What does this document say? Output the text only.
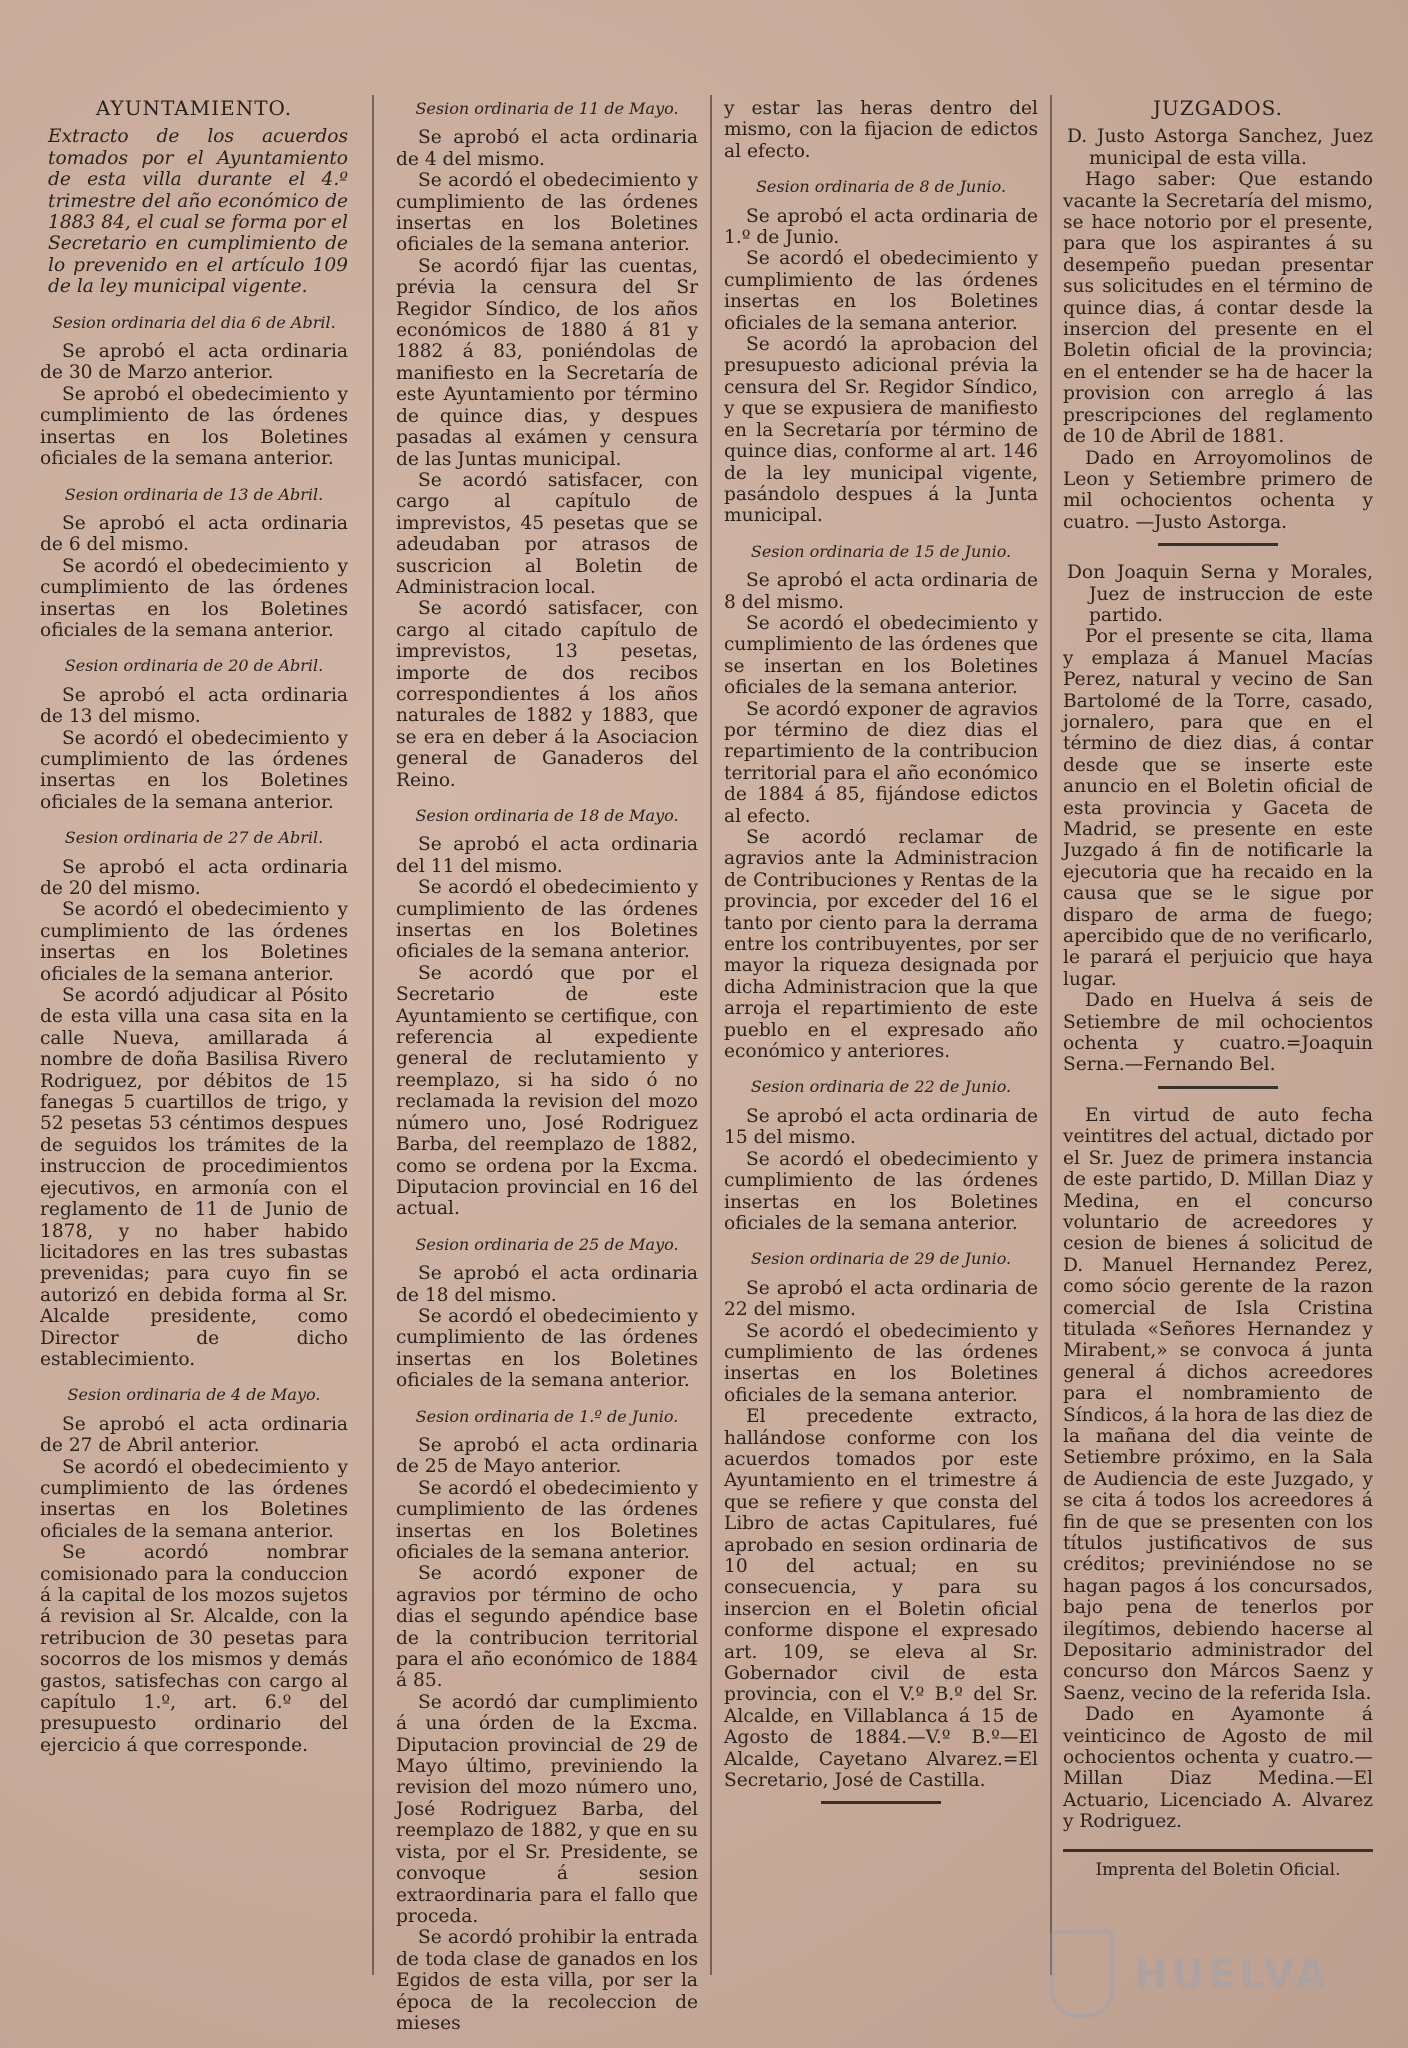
AYUNTAMIENTO.
Extracto de los acuerdos tomados por el Ayuntamiento de esta villa durante el 4.º trimestre del año económico de 1883 84, el cual se forma por el Secretario en cumplimiento de lo prevenido en el artículo 109 de la ley municipal vigente.
Sesion ordinaria del dia 6 de Abril.

Se aprobó el acta ordinaria de 30 de Marzo anterior.

Se aprobó el obedecimiento y cumplimiento de las órdenes insertas en los Boletines oficiales de la semana anterior.

Sesion ordinaria de 13 de Abril.

Se aprobó el acta ordinaria de 6 del mismo.

Se acordó el obedecimiento y cumplimiento de las órdenes insertas en los Boletines oficiales de la semana anterior.

Sesion ordinaria de 20 de Abril.

Se aprobó el acta ordinaria de 13 del mismo.

Se acordó el obedecimiento y cumplimiento de las órdenes insertas en los Boletines oficiales de la semana anterior.

Sesion ordinaria de 27 de Abril.

Se aprobó el acta ordinaria de 20 del mismo.

Se acordó el obedecimiento y cumplimiento de las órdenes insertas en los Boletines oficiales de la semana anterior.

Se acordó adjudicar al Pósito de esta villa una casa sita en la calle Nueva, amillarada á nombre de doña Basilisa Rivero Rodriguez, por débitos de 15 fanegas 5 cuartillos de trigo, y 52 pesetas 53 céntimos despues de seguidos los trámites de la instruccion de procedimientos ejecutivos, en armonía con el reglamento de 11 de Junio de 1878, y no haber habido licitadores en las tres subastas prevenidas; para cuyo fin se autorizó en debida forma al Sr. Alcalde presidente, como Director de dicho establecimiento.

Sesion ordinaria de 4 de Mayo.

Se aprobó el acta ordinaria de 27 de Abril anterior.

Se acordó el obedecimiento y cumplimiento de las órdenes insertas en los Boletines oficiales de la semana anterior.

Se acordó nombrar comisionado para la conduccion á la capital de los mozos sujetos á revision al Sr. Alcalde, con la retribucion de 30 pesetas para socorros de los mismos y demás gastos, satisfechas con cargo al capítulo 1.º, art. 6.º del presupuesto ordinario del ejercicio á que corresponde.

Sesion ordinaria de 11 de Mayo.

Se aprobó el acta ordinaria de 4 del mismo.

Se acordó el obedecimiento y cumplimiento de las órdenes insertas en los Boletines oficiales de la semana anterior.

Se acordó fijar las cuentas, prévia la censura del Sr Regidor Síndico, de los años económicos de 1880 á 81 y 1882 á 83, poniéndolas de manifiesto en la Secretaría de este Ayuntamiento por término de quince dias, y despues pasadas al exámen y censura de las Juntas municipal.

Se acordó satisfacer, con cargo al capítulo de imprevistos, 45 pesetas que se adeudaban por atrasos de suscricion al Boletin de Administracion local.

Se acordó satisfacer, con cargo al citado capítulo de imprevistos, 13 pesetas, importe de dos recibos correspondientes á los años naturales de 1882 y 1883, que se era en deber á la Asociacion general de Ganaderos del Reino.

Sesion ordinaria de 18 de Mayo.

Se aprobó el acta ordinaria del 11 del mismo.

Se acordó el obedecimiento y cumplimiento de las órdenes insertas en los Boletines oficiales de la semana anterior.

Se acordó que por el Secretario de este Ayuntamiento se certifique, con referencia al expediente general de reclutamiento y reemplazo, si ha sido ó no reclamada la revision del mozo número uno, José Rodriguez Barba, del reemplazo de 1882, como se ordena por la Excma. Diputacion provincial en 16 del actual.

Sesion ordinaria de 25 de Mayo.

Se aprobó el acta ordinaria de 18 del mismo.

Se acordó el obedecimiento y cumplimiento de las órdenes insertas en los Boletines oficiales de la semana anterior.

Sesion ordinaria de 1.º de Junio.

Se aprobó el acta ordinaria de 25 de Mayo anterior.

Se acordó el obedecimiento y cumplimiento de las órdenes insertas en los Boletines oficiales de la semana anterior.

Se acordó exponer de agravios por término de ocho dias el segundo apéndice base de la contribucion territorial para el año económico de 1884 á 85.

Se acordó dar cumplimiento á una órden de la Excma. Diputacion provincial de 29 de Mayo último, previniendo la revision del mozo número uno, José Rodriguez Barba, del reemplazo de 1882, y que en su vista, por el Sr. Presidente, se convoque á sesion extraordinaria para el fallo que proceda.

Se acordó prohibir la entrada de toda clase de ganados en los Egidos de esta villa, por ser la época de la recoleccion de mieses

y estar las heras dentro del mismo, con la fijacion de edictos al efecto.

Sesion ordinaria de 8 de Junio.

Se aprobó el acta ordinaria de 1.º de Junio.

Se acordó el obedecimiento y cumplimiento de las órdenes insertas en los Boletines oficiales de la semana anterior.

Se acordó la aprobacion del presupuesto adicional prévia la censura del Sr. Regidor Síndico, y que se expusiera de manifiesto en la Secretaría por término de quince dias, conforme al art. 146 de la ley municipal vigente, pasándolo despues á la Junta municipal.

Sesion ordinaria de 15 de Junio.

Se aprobó el acta ordinaria de 8 del mismo.

Se acordó el obedecimiento y cumplimiento de las órdenes que se insertan en los Boletines oficiales de la semana anterior.

Se acordó exponer de agravios por término de diez dias el repartimiento de la contribucion territorial para el año económico de 1884 á 85, fijándose edictos al efecto.

Se acordó reclamar de agravios ante la Administracion de Contribuciones y Rentas de la provincia, por exceder del 16 el tanto por ciento para la derrama entre los contribuyentes, por ser mayor la riqueza designada por dicha Administracion que la que arroja el repartimiento de este pueblo en el expresado año económico y anteriores.

Sesion ordinaria de 22 de Junio.

Se aprobó el acta ordinaria de 15 del mismo.

Se acordó el obedecimiento y cumplimiento de las órdenes insertas en los Boletines oficiales de la semana anterior.

Sesion ordinaria de 29 de Junio.

Se aprobó el acta ordinaria de 22 del mismo.

Se acordó el obedecimiento y cumplimiento de las órdenes insertas en los Boletines oficiales de la semana anterior.

El precedente extracto, hallándose conforme con los acuerdos tomados por este Ayuntamiento en el trimestre á que se refiere y que consta del Libro de actas Capitulares, fué aprobado en sesion ordinaria de 10 del actual; en su consecuencia, y para su insercion en el Boletin oficial conforme dispone el expresado art. 109, se eleva al Sr. Gobernador civil de esta provincia, con el V.º B.º del Sr. Alcalde, en Villablanca á 15 de Agosto de 1884.—V.º B.º—El Alcalde, Cayetano Alvarez.=El Secretario, José de Castilla.

JUZGADOS.

D. Justo Astorga Sanchez, Juez municipal de esta villa.

Hago saber: Que estando vacante la Secretaría del mismo, se hace notorio por el presente, para que los aspirantes á su desempeño puedan presentar sus solicitudes en el término de quince dias, á contar desde la insercion del presente en el Boletin oficial de la provincia; en el entender se ha de hacer la provision con arreglo á las prescripciones del reglamento de 10 de Abril de 1881.

Dado en Arroyomolinos de Leon y Setiembre primero de mil ochocientos ochenta y cuatro. —Justo Astorga.

Don Joaquin Serna y Morales, Juez de instruccion de este partido.

Por el presente se cita, llama y emplaza á Manuel Macías Perez, natural y vecino de San Bartolomé de la Torre, casado, jornalero, para que en el término de diez dias, á contar desde que se inserte este anuncio en el Boletin oficial de esta provincia y Gaceta de Madrid, se presente en este Juzgado á fin de notificarle la ejecutoria que ha recaido en la causa que se le sigue por disparo de arma de fuego; apercibido que de no verificarlo, le parará el perjuicio que haya lugar.

Dado en Huelva á seis de Setiembre de mil ochocientos ochenta y cuatro.=Joaquin Serna.—Fernando Bel.

En virtud de auto fecha veintitres del actual, dictado por el Sr. Juez de primera instancia de este partido, D. Millan Diaz y Medina, en el concurso voluntario de acreedores y cesion de bienes á solicitud de D. Manuel Hernandez Perez, como sócio gerente de la razon comercial de Isla Cristina titulada «Señores Hernandez y Mirabent,» se convoca á junta general á dichos acreedores para el nombramiento de Síndicos, á la hora de las diez de la mañana del dia veinte de Setiembre próximo, en la Sala de Audiencia de este Juzgado, y se cita á todos los acreedores á fin de que se presenten con los títulos justificativos de sus créditos; previniéndose no se hagan pagos á los concursados, bajo pena de tenerlos por ilegítimos, debiendo hacerse al Depositario administrador del concurso don Márcos Saenz y Saenz, vecino de la referida Isla.

Dado en Ayamonte á veinticinco de Agosto de mil ochocientos ochenta y cuatro.—Millan Diaz Medina.—El Actuario, Licenciado A. Alvarez y Rodriguez.

Imprenta del Boletin Oficial.
HUELVA
